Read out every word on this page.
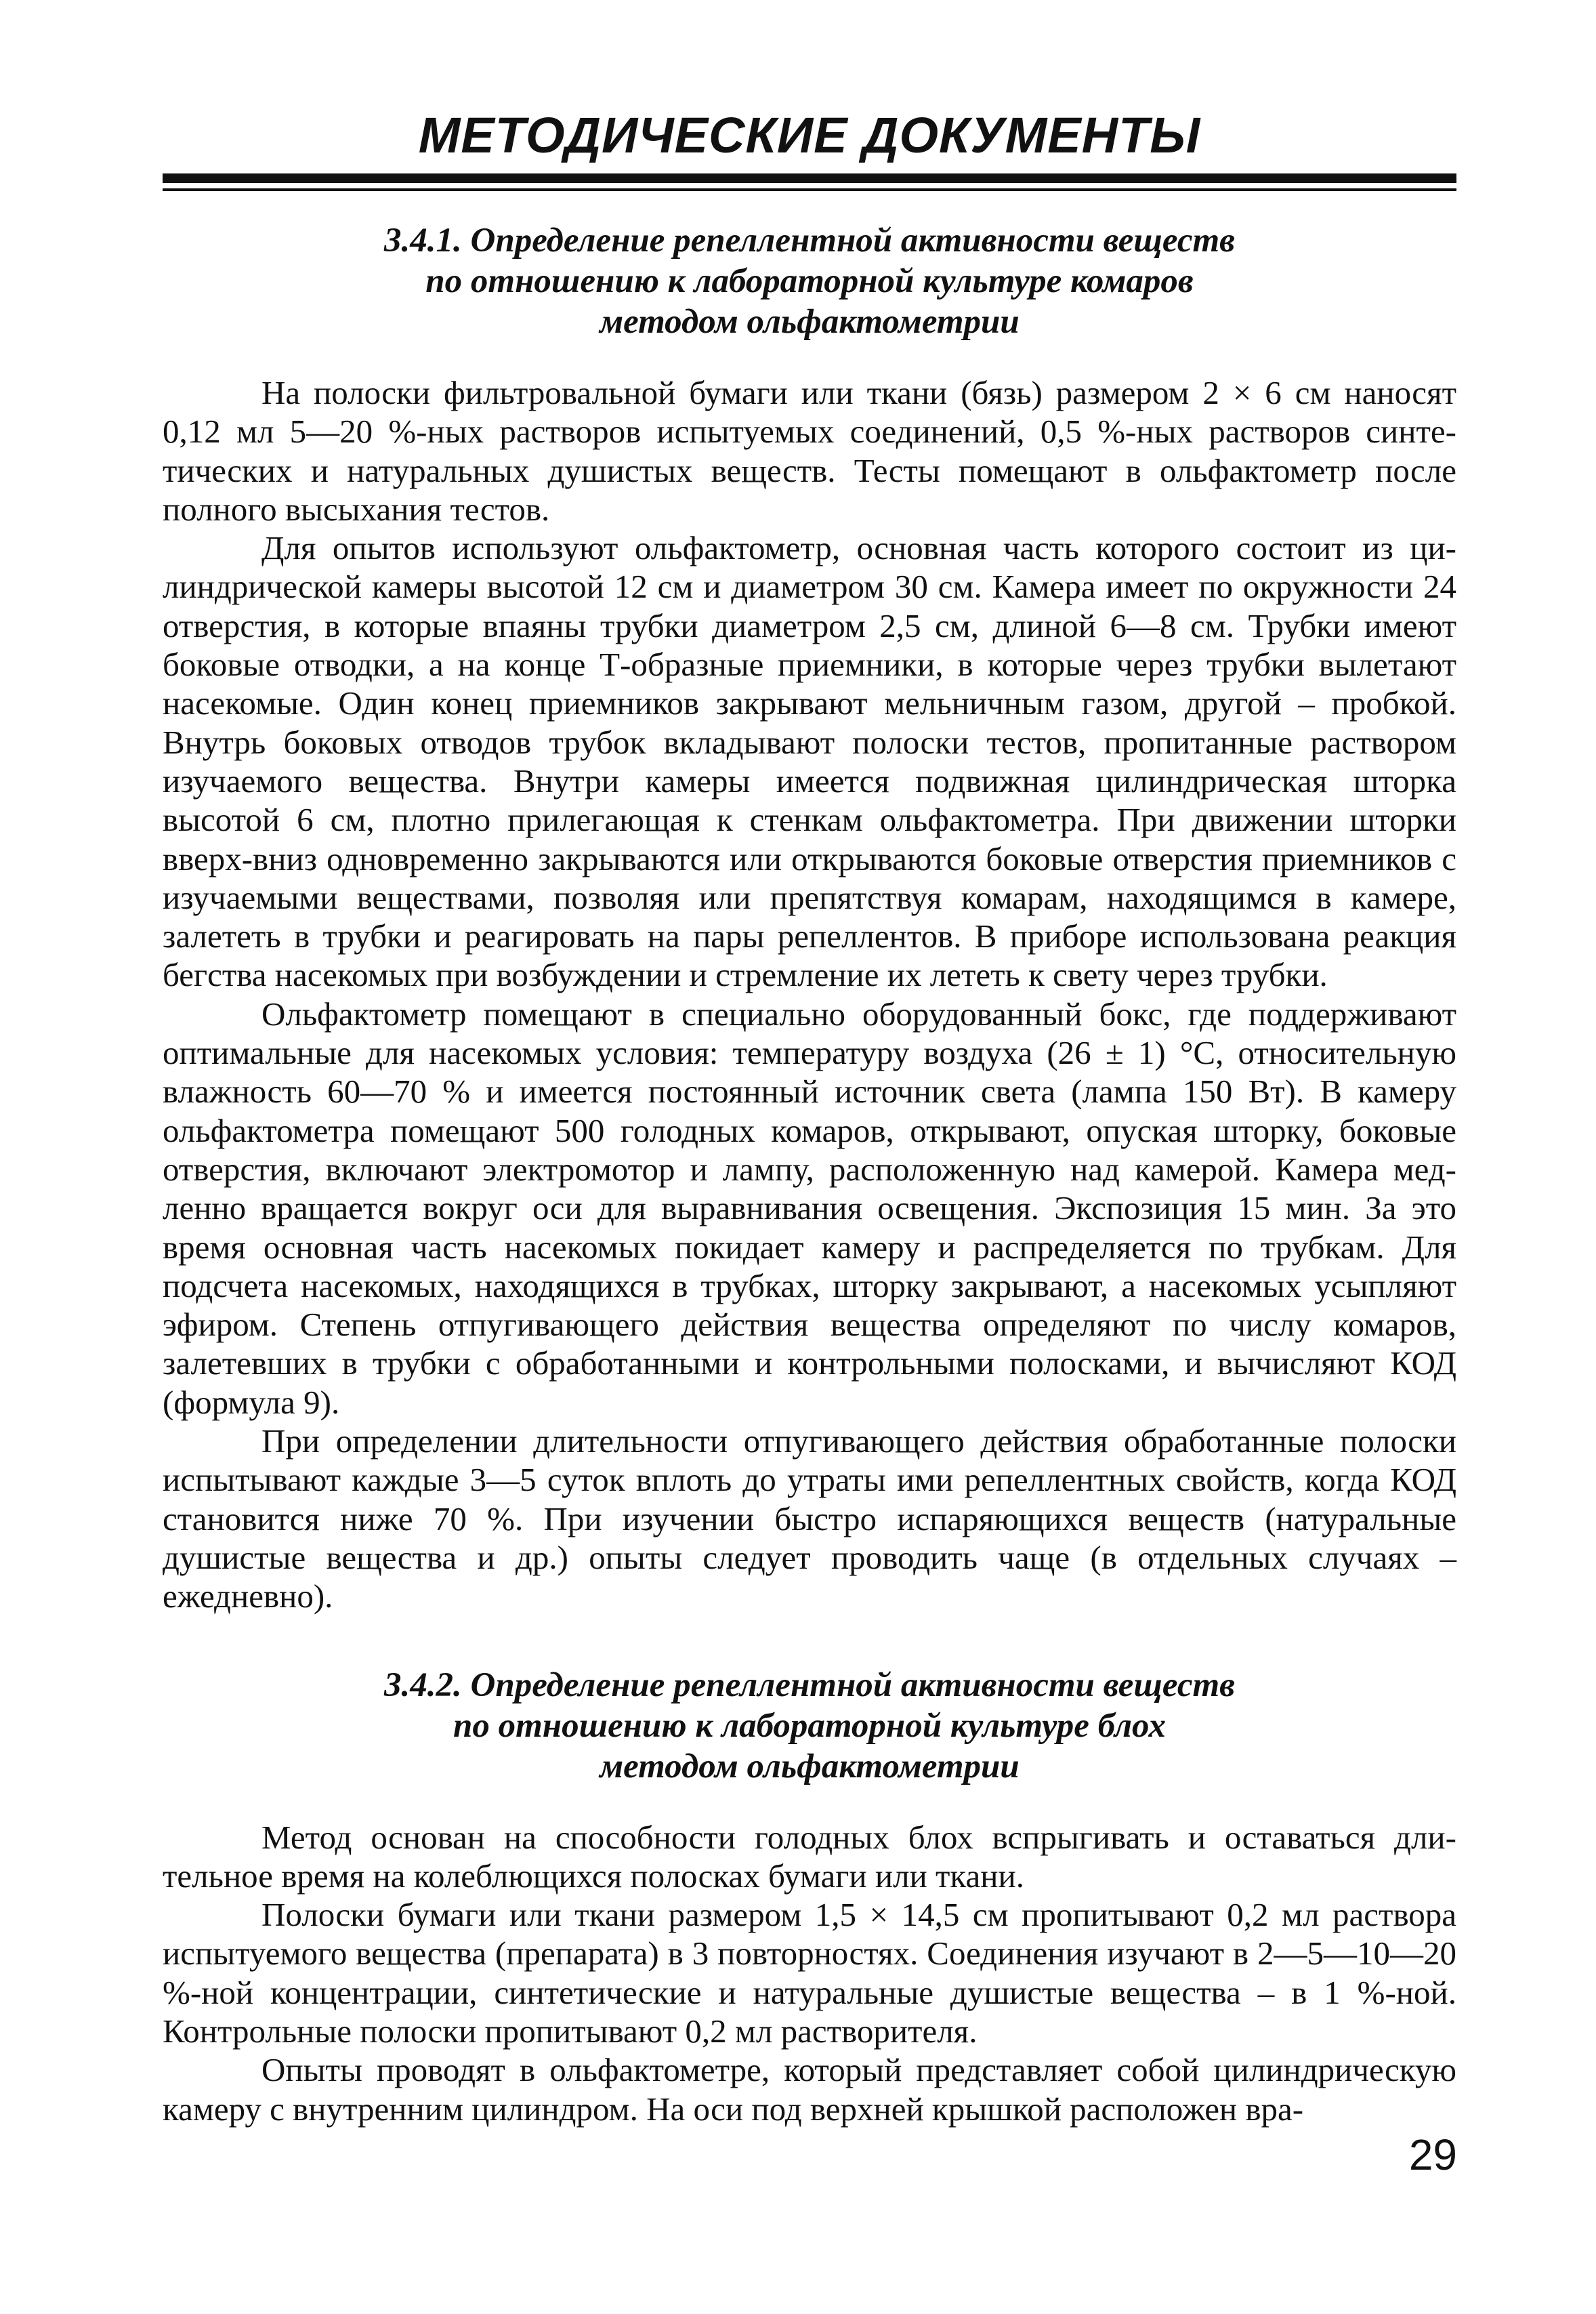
МЕТОДИЧЕСКИЕ ДОКУМЕНТЫ
3.4.1. Определение репеллентной активности веществ
по отношению к лабораторной культуре комаров
методом ольфактометрии

На полоски фильтровальной бумаги или ткани (бязь) размером 2 × 6 см наносят 0,12 мл 5—20 %-ных растворов испытуемых соединений, 0,5 %-ных растворов синтетических и натуральных душистых веществ. Тесты помещают в ольфактометр после полного высыхания тестов.

Для опытов используют ольфактометр, основная часть которого состоит из цилиндрической камеры высотой 12 см и диаметром 30 см. Камера имеет по окружности 24 отверстия, в которые впаяны трубки диаметром 2,5 см, длиной 6—8 см. Трубки имеют боковые отводки, а на конце Т-образные приемники, в которые через трубки вылетают насекомые. Один конец приемников закрывают мельничным газом, другой – пробкой. Внутрь боковых отводов трубок вкладывают полоски тестов, пропитанные раствором изучаемого вещества. Внутри камеры имеется подвижная цилиндрическая шторка высотой 6 см, плотно прилегающая к стенкам ольфактометра. При движении шторки вверх-вниз одновременно закрываются или открываются боковые отверстия приемников с изучаемыми веществами, позволяя или препятствуя комарам, находящимся в камере, залететь в трубки и реагировать на пары репеллентов. В приборе использована реакция бегства насекомых при возбуждении и стремление их лететь к свету через трубки.

Ольфактометр помещают в специально оборудованный бокс, где поддерживают оптимальные для насекомых условия: температуру воздуха (26 ± 1) °С, относительную влажность 60—70 % и имеется постоянный источник света (лампа 150 Вт). В камеру ольфактометра помещают 500 голодных комаров, открывают, опуская шторку, боковые отверстия, включают электромотор и лампу, расположенную над камерой. Камера медленно вращается вокруг оси для выравнивания освещения. Экспозиция 15 мин. За это время основная часть насекомых покидает камеру и распределяется по трубкам. Для подсчета насекомых, находящихся в трубках, шторку закрывают, а насекомых усыпляют эфиром. Степень отпугивающего действия вещества определяют по числу комаров, залетевших в трубки с обработанными и контрольными полосками, и вычисляют КОД (формула 9).

При определении длительности отпугивающего действия обработанные полоски испытывают каждые 3—5 суток вплоть до утраты ими репеллентных свойств, когда КОД становится ниже 70 %. При изучении быстро испаряющихся веществ (натуральные душистые вещества и др.) опыты следует проводить чаще (в отдельных случаях – ежедневно).

3.4.2. Определение репеллентной активности веществ
по отношению к лабораторной культуре блох
методом ольфактометрии

Метод основан на способности голодных блох вспрыгивать и оставаться длительное время на колеблющихся полосках бумаги или ткани.

Полоски бумаги или ткани размером 1,5 × 14,5 см пропитывают 0,2 мл раствора испытуемого вещества (препарата) в 3 повторностях. Соединения изучают в 2—5—10—20 %-ной концентрации, синтетические и натуральные душистые вещества – в 1 %-ной. Контрольные полоски пропитывают 0,2 мл растворителя.

Опыты проводят в ольфактометре, который представляет собой цилиндрическую камеру с внутренним цилиндром. На оси под верхней крышкой расположен вра-

29
